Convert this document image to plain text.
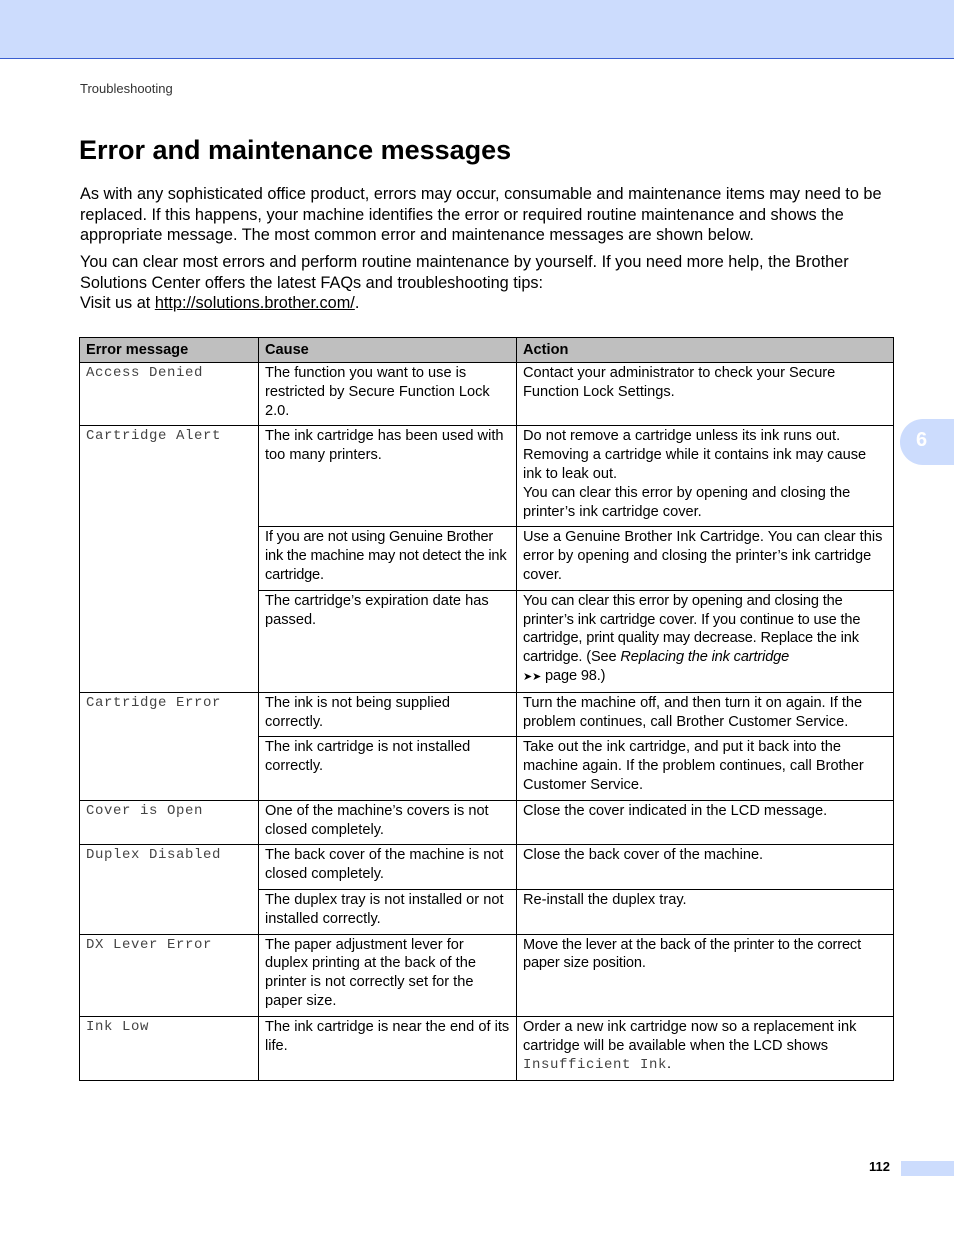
Troubleshooting
Error and maintenance messages

As with any sophisticated office product, errors may occur, consumable and maintenance items may need to be replaced. If this happens, your machine identifies the error or required routine maintenance and shows the appropriate message. The most common error and maintenance messages are shown below.

You can clear most errors and perform routine maintenance by yourself. If you need more help, the Brother Solutions Center offers the latest FAQs and troubleshooting tips:
Visit us at http://solutions.brother.com/.

Error message	Cause	Action
Access Denied	The function you want to use is restricted by Secure Function Lock 2.0.	Contact your administrator to check your Secure Function Lock Settings.
Cartridge Alert	The ink cartridge has been used with too many printers.	Do not remove a cartridge unless its ink runs out. Removing a cartridge while it contains ink may cause ink to leak out.
You can clear this error by opening and closing the printer’s ink cartridge cover.

	If you are not using Genuine Brother ink the machine may not detect the ink cartridge.	Use a Genuine Brother Ink Cartridge. You can clear this error by opening and closing the printer’s ink cartridge cover.
	The cartridge’s expiration date has passed.	You can clear this error by opening and closing the printer’s ink cartridge cover. If you continue to use the cartridge, print quality may decrease. Replace the ink cartridge. (See Replacing the ink cartridge
➤➤ page 98.)
Cartridge Error	The ink is not being supplied correctly.	Turn the machine off, and then turn it on again. If the problem continues, call Brother Customer Service.
	The ink cartridge is not installed correctly.	Take out the ink cartridge, and put it back into the machine again. If the problem continues, call Brother Customer Service.
Cover is Open	One of the machine’s covers is not closed completely.	Close the cover indicated in the LCD message.
Duplex Disabled	The back cover of the machine is not closed completely.	Close the back cover of the machine.
	The duplex tray is not installed or not installed correctly.	Re-install the duplex tray.
DX Lever Error	The paper adjustment lever for duplex printing at the back of the printer is not correctly set for the paper size.	Move the lever at the back of the printer to the correct paper size position.
Ink Low	The ink cartridge is near the end of its life.	Order a new ink cartridge now so a replacement ink cartridge will be available when the LCD shows Insufficient Ink.
6
112
